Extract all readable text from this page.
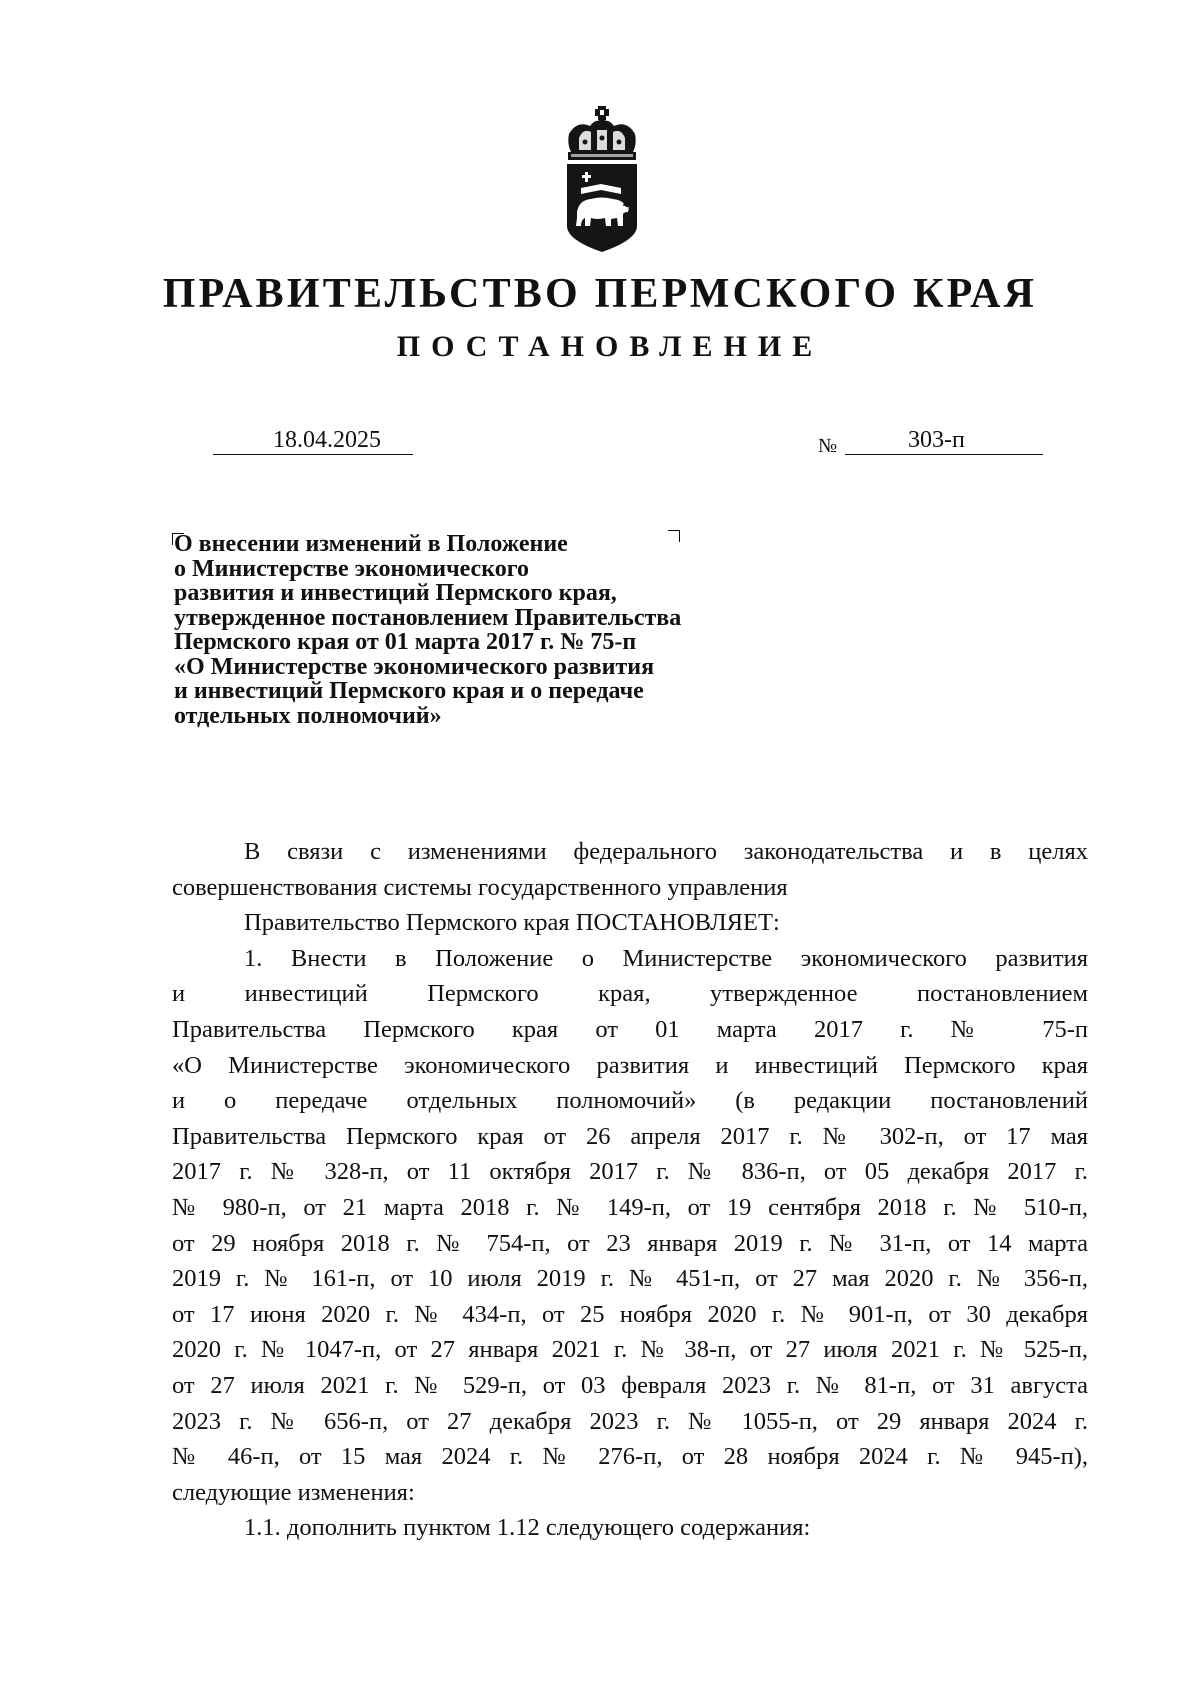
ПРАВИТЕЛЬСТВО ПЕРМСКОГО КРАЯ
ПОСТАНОВЛЕНИЕ
18.04.2025	№	303-п
О внесении изменений в Положение
о Министерстве экономического
развития и инвестиций Пермского края,
утвержденное постановлением Правительства
Пермского края от 01 марта 2017 г. № 75-п
«О Министерстве экономического развития
и инвестиций Пермского края и о передаче
отдельных полномочий»
В связи с изменениями федерального законодательства и в целях
совершенствования системы государственного управления
Правительство Пермского края ПОСТАНОВЛЯЕТ:
1. Внести в Положение о Министерстве экономического развития
и инвестиций Пермского края, утвержденное постановлением
Правительства Пермского края от 01 марта 2017 г. № 75-п
«О Министерстве экономического развития и инвестиций Пермского края
и о передаче отдельных полномочий» (в редакции постановлений
Правительства Пермского края от 26 апреля 2017 г. № 302-п, от 17 мая
2017 г. № 328-п, от 11 октября 2017 г. № 836-п, от 05 декабря 2017 г.
№ 980-п, от 21 марта 2018 г. № 149-п, от 19 сентября 2018 г. № 510-п,
от 29 ноября 2018 г. № 754-п, от 23 января 2019 г. № 31-п, от 14 марта
2019 г. № 161-п, от 10 июля 2019 г. № 451-п, от 27 мая 2020 г. № 356-п,
от 17 июня 2020 г. № 434-п, от 25 ноября 2020 г. № 901-п, от 30 декабря
2020 г. № 1047-п, от 27 января 2021 г. № 38-п, от 27 июля 2021 г. № 525-п,
от 27 июля 2021 г. № 529-п, от 03 февраля 2023 г. № 81-п, от 31 августа
2023 г. № 656-п, от 27 декабря 2023 г. № 1055-п, от 29 января 2024 г.
№ 46-п, от 15 мая 2024 г. № 276-п, от 28 ноября 2024 г. № 945-п),
следующие изменения:
1.1. дополнить пунктом 1.12 следующего содержания:
